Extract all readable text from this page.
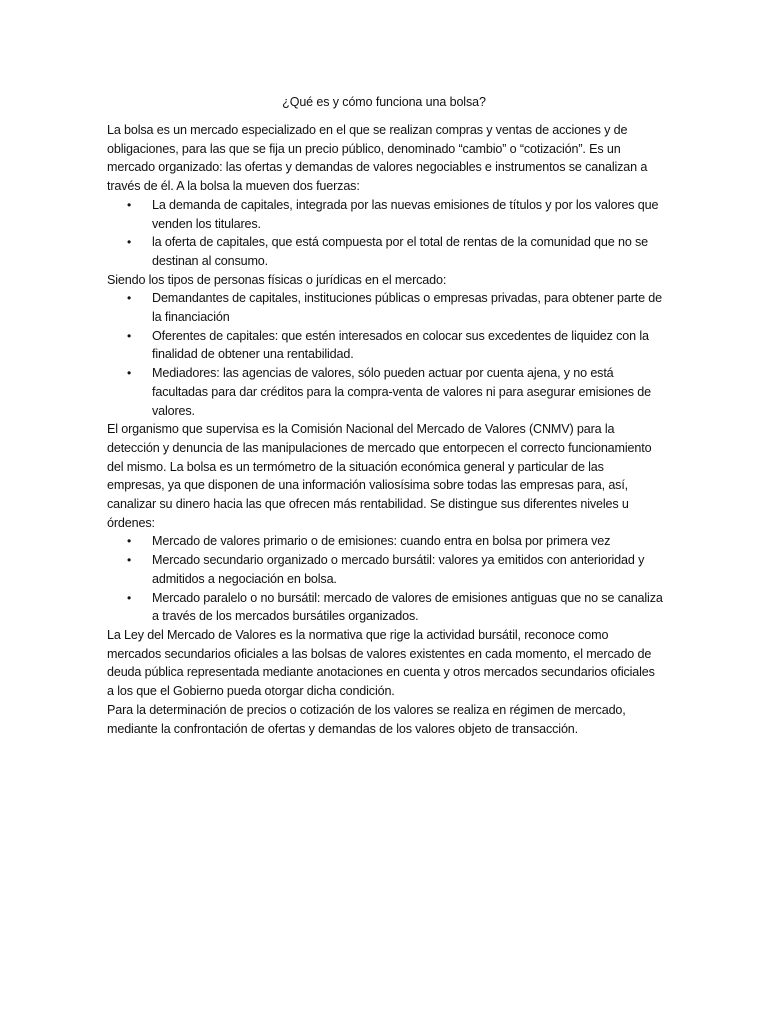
¿Qué es y cómo funciona una bolsa?

La bolsa es un mercado especializado en el que se realizan compras y ventas de acciones y de obligaciones, para las que se fija un precio público, denominado “cambio” o “cotización”. Es un mercado organizado: las ofertas y demandas de valores negociables e instrumentos se canalizan a través de él. A la bolsa la mueven dos fuerzas:

• La demanda de capitales, integrada por las nuevas emisiones de títulos y por los valores que venden los titulares.
• la oferta de capitales, que está compuesta por el total de rentas de la comunidad que no se destinan al consumo.

Siendo los tipos de personas físicas o jurídicas en el mercado:

• Demandantes de capitales, instituciones públicas o empresas privadas, para obtener parte de la financiación
• Oferentes de capitales: que estén interesados en colocar sus excedentes de liquidez con la finalidad de obtener una rentabilidad.
• Mediadores: las agencias de valores, sólo pueden actuar por cuenta ajena, y no está facultadas para dar créditos para la compra-venta de valores ni para asegurar emisiones de valores.

El organismo que supervisa es la Comisión Nacional del Mercado de Valores (CNMV) para la detección y denuncia de las manipulaciones de mercado que entorpecen el correcto funcionamiento del mismo. La bolsa es un termómetro de la situación económica general y particular de las empresas, ya que disponen de una información valiosísima sobre todas las empresas para, así, canalizar su dinero hacia las que ofrecen más rentabilidad. Se distingue sus diferentes niveles u órdenes:

• Mercado de valores primario o de emisiones: cuando entra en bolsa por primera vez
• Mercado secundario organizado o mercado bursátil: valores ya emitidos con anterioridad y admitidos a negociación en bolsa.
• Mercado paralelo o no bursátil: mercado de valores de emisiones antiguas que no se canaliza a través de los mercados bursátiles organizados.

La Ley del Mercado de Valores es la normativa que rige la actividad bursátil, reconoce como mercados secundarios oficiales a las bolsas de valores existentes en cada momento, el mercado de deuda pública representada mediante anotaciones en cuenta y otros mercados secundarios oficiales a los que el Gobierno pueda otorgar dicha condición.

Para la determinación de precios o cotización de los valores se realiza en régimen de mercado, mediante la confrontación de ofertas y demandas de los valores objeto de transacción.
